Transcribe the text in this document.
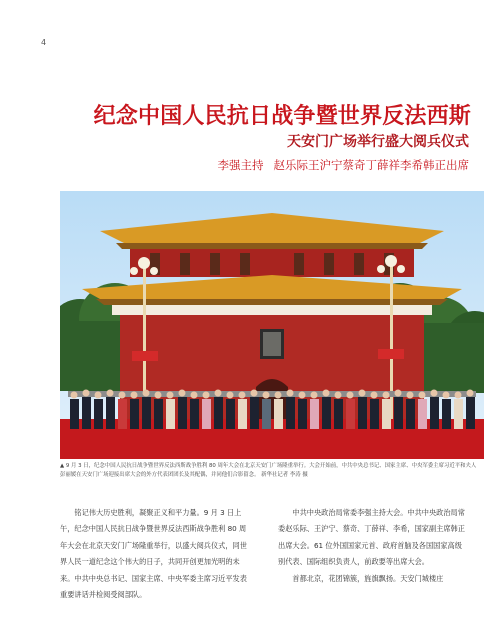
4
纪念中国人民抗日战争暨世界反法西斯
天安门广场举行盛大阅兵仪式
李强主持 赵乐际王沪宁蔡奇丁薛祥李希韩正出席

▲ 9 月 3 日，纪念中国人民抗日战争暨世界反法西斯战争胜利 80 周年大会在北京天安门广场隆重举行。大会开始前，中共中央总书记、国家主席、中央军委主席习近平和夫人彭丽媛在天安门广场迎接出席大会的外方代表团团长及其配偶，并同他们合影留念。 新华社记者 李涛 摄

铭记伟大历史胜利，凝聚正义和平力量。9 月 3 日上午，纪念中国人民抗日战争暨世界反法西斯战争胜利 80 周年大会在北京天安门广场隆重举行，以盛大阅兵仪式，同世界人民一道纪念这个伟大的日子，共同开创更加光明的未来。中共中央总书记、国家主席、中央军委主席习近平发表重要讲话并检阅受阅部队。

中共中央政治局常委李强主持大会。中共中央政治局常委赵乐际、王沪宁、蔡奇、丁薛祥、李希，国家副主席韩正出席大会。61 位外国国家元首、政府首脑及各国国家高级别代表、国际组织负责人，前政要等出席大会。

首都北京，花团锦簇，旌旗飘扬。天安门城楼庄
